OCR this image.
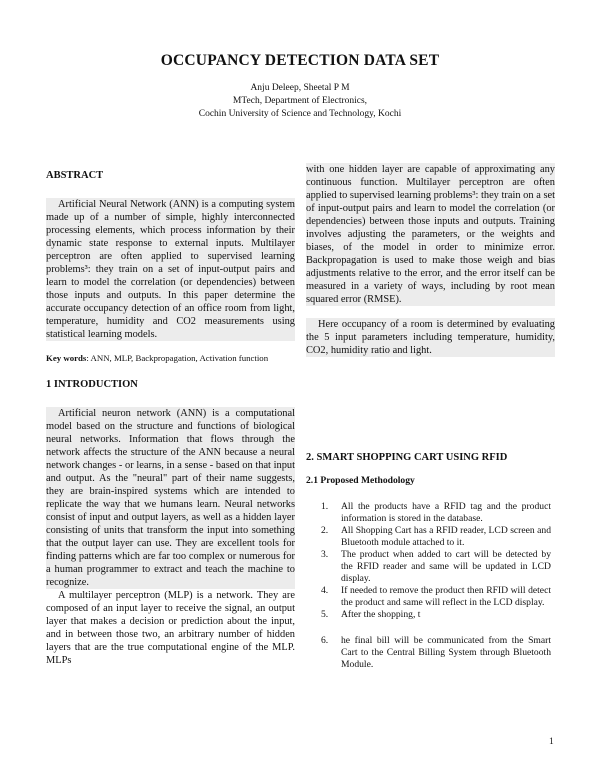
OCCUPANCY DETECTION DATA SET
Anju Deleep, Sheetal P M
MTech, Department of Electronics,
Cochin University of Science and Technology, Kochi
ABSTRACT

Artificial Neural Network (ANN) is a computing system made up of a number of simple, highly interconnected processing elements, which process information by their dynamic state response to external inputs. Multilayer perceptron are often applied to supervised learning problems³: they train on a set of input-output pairs and learn to model the correlation (or dependencies) between those inputs and outputs. In this paper determine the accurate occupancy detection of an office room from light, temperature, humidity and CO2 measurements using statistical learning models.

Key words: ANN, MLP, Backpropagation, Activation function

1 INTRODUCTION

Artificial neuron network (ANN) is a computational model based on the structure and functions of biological neural networks. Information that flows through the network affects the structure of the ANN because a neural network changes - or learns, in a sense - based on that input and output. As the "neural" part of their name suggests, they are brain-inspired systems which are intended to replicate the way that we humans learn. Neural networks consist of input and output layers, as well as a hidden layer consisting of units that transform the input into something that the output layer can use. They are excellent tools for finding patterns which are far too complex or numerous for a human programmer to extract and teach the machine to recognize.

A multilayer perceptron (MLP) is a network. They are composed of an input layer to receive the signal, an output layer that makes a decision or prediction about the input, and in between those two, an arbitrary number of hidden layers that are the true computational engine of the MLP. MLPs

with one hidden layer are capable of approximating any continuous function. Multilayer perceptron are often applied to supervised learning problems³: they train on a set of input-output pairs and learn to model the correlation (or dependencies) between those inputs and outputs. Training involves adjusting the parameters, or the weights and biases, of the model in order to minimize error. Backpropagation is used to make those weigh and bias adjustments relative to the error, and the error itself can be measured in a variety of ways, including by root mean squared error (RMSE).

Here occupancy of a room is determined by evaluating the 5 input parameters including temperature, humidity, CO2, humidity ratio and light.

2. SMART SHOPPING CART USING RFID
2.1 Proposed Methodology
1. All the products have a RFID tag and the product information is stored in the database.
2. All Shopping Cart has a RFID reader, LCD screen and Bluetooth module attached to it.
3. The product when added to cart will be detected by the RFID reader and same will be updated in LCD display.
4. If needed to remove the product then RFID will detect the product and same will reflect in the LCD display.
5. After the shopping, t
6. he final bill will be communicated from the Smart Cart to the Central Billing System through Bluetooth Module.
1
